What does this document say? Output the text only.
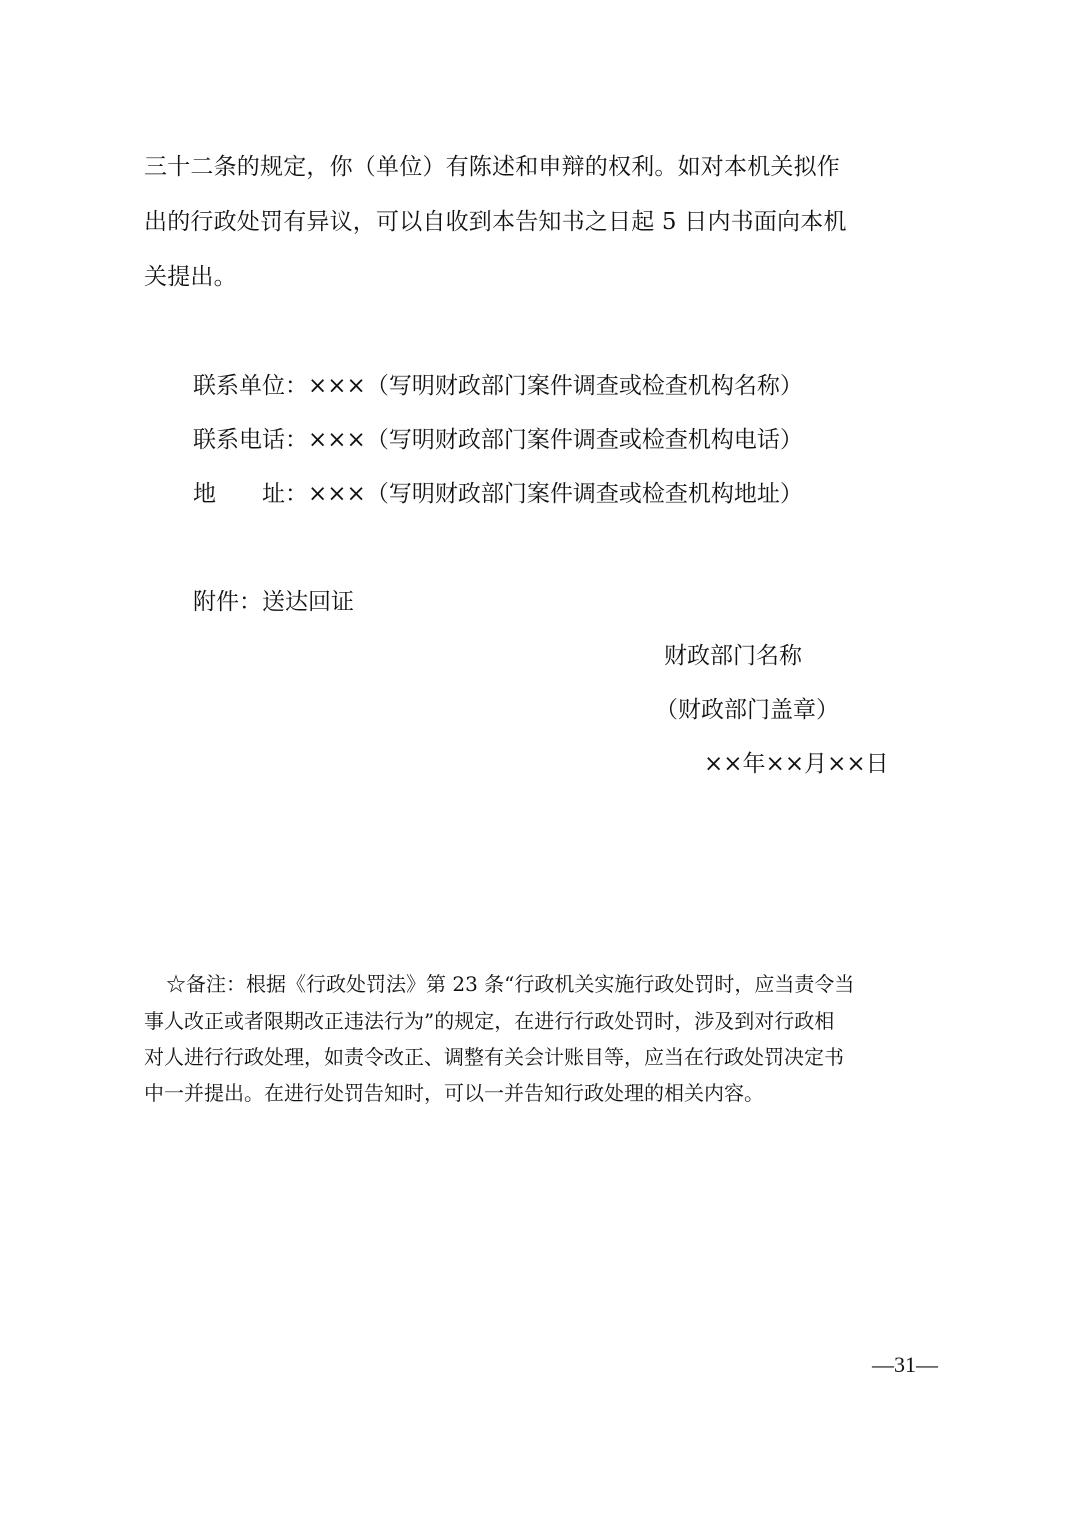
三十二条的规定，你（单位）有陈述和申辩的权利。如对本机关拟作

出的行政处罚有异议，可以自收到本告知书之日起 5 日内书面向本机

关提出。

联系单位：×××（写明财政部门案件调查或检查机构名称）

联系电话：×××（写明财政部门案件调查或检查机构电话）

地　　址：×××（写明财政部门案件调查或检查机构地址）

附件：送达回证

财政部门名称

（财政部门盖章）

××年××月××日

☆备注：根据《行政处罚法》第 23 条“行政机关实施行政处罚时，应当责令当

事人改正或者限期改正违法行为”的规定，在进行行政处罚时，涉及到对行政相

对人进行行政处理，如责令改正、调整有关会计账目等，应当在行政处罚决定书

中一并提出。在进行处罚告知时，可以一并告知行政处理的相关内容。

—31—
